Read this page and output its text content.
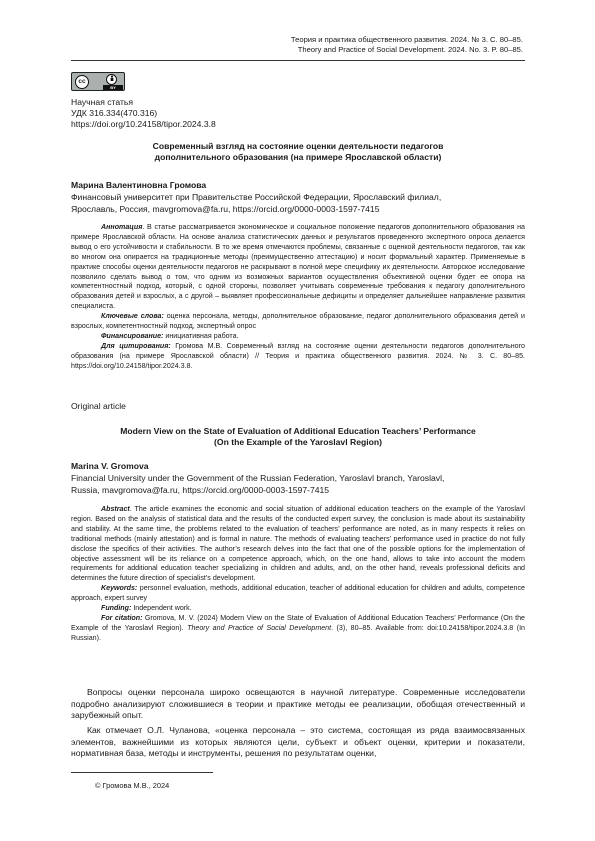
Теория и практика общественного развития. 2024. № 3. С. 80–85.
Theory and Practice of Social Development. 2024. No. 3. P. 80–85.
cc
BY
Научная статья
УДК 316.334(470.316)
https://doi.org/10.24158/tipor.2024.3.8
Современный взгляд на состояние оценки деятельности педагогов
дополнительного образования (на примере Ярославской области)
Марина Валентиновна Громова
Финансовый университет при Правительстве Российской Федерации, Ярославский филиал,
Ярославль, Россия, mavgromova@fa.ru, https://orcid.org/0000-0003-1597-7415

Аннотация. В статье рассматривается экономическое и социальное положение педагогов дополнительного образования на примере Ярославской области. На основе анализа статистических данных и результатов проведенного экспертного опроса делается вывод о его устойчивости и стабильности. В то же время отмечаются проблемы, связанные с оценкой деятельности педагогов, так как во многом она опирается на традиционные методы (преимущественно аттестацию) и носит формальный характер. Применяемые в практике способы оценки деятельности педагогов не раскрывают в полной мере специфику их деятельности. Авторское исследование позволило сделать вывод о том, что одним из возможных вариантов осуществления объективной оценки будет ее опора на компетентностный подход, который, с одной стороны, позволяет учитывать современные требования к педагогу дополнительного образования детей и взрослых, а с другой – выявляет профессиональные дефициты и определяет дальнейшее направление развития специалиста.
Ключевые слова: оценка персонала, методы, дополнительное образование, педагог дополнительного образования детей и взрослых, компетентностный подход, экспертный опрос
Финансирование: инициативная работа.
Для цитирования: Громова М.В. Современный взгляд на состояние оценки деятельности педагогов дополнительного образования (на примере Ярославской области) // Теория и практика общественного развития. 2024. № 3. С. 80–85. https://doi.org/10.24158/tipor.2024.3.8.

Original article
Modern View on the State of Evaluation of Additional Education Teachers’ Performance
(On the Example of the Yaroslavl Region)
Marina V. Gromova
Financial University under the Government of the Russian Federation, Yaroslavl branch, Yaroslavl,
Russia, mavgromova@fa.ru, https://orcid.org/0000-0003-1597-7415

Abstract. The article examines the economic and social situation of additional education teachers on the example of the Yaroslavl region. Based on the analysis of statistical data and the results of the conducted expert survey, the conclusion is made about its sustainability and stability. At the same time, the problems related to the evaluation of teachers’ performance are noted, as in many respects it relies on traditional methods (mainly attestation) and is formal in nature. The methods of evaluating teachers’ performance used in practice do not fully disclose the specifics of their activities. The author’s research delves into the fact that one of the possible options for the implementation of objective assessment will be its reliance on a competence approach, which, on the one hand, allows to take into account the modern requirements for additional education teacher specializing in children and adults, and, on the other hand, reveals professional deficits and determines the future direction of specialist’s development.
Keywords: personnel evaluation, methods, additional education, teacher of additional education for children and adults, competence approach, expert survey
Funding: Independent work.
For citation: Gromova, M. V. (2024) Modern View on the State of Evaluation of Additional Education Teachers’ Performance (On the Example of the Yaroslavl Region). Theory and Practice of Social Development. (3), 80–85. Available from: doi:10.24158/tipor.2024.3.8 (In Russian).

Вопросы оценки персонала широко освещаются в научной литературе. Современные исследователи подробно анализируют сложившиеся в теории и практике методы ее реализации, обобщая отечественный и зарубежный опыт.

Как отмечает О.Л. Чуланова, «оценка персонала – это система, состоящая из ряда взаимосвязанных элементов, важнейшими из которых являются цели, субъект и объект оценки, критерии и показатели, нормативная база, методы и инструменты, решения по результатам оценки,

© Громова М.В., 2024
